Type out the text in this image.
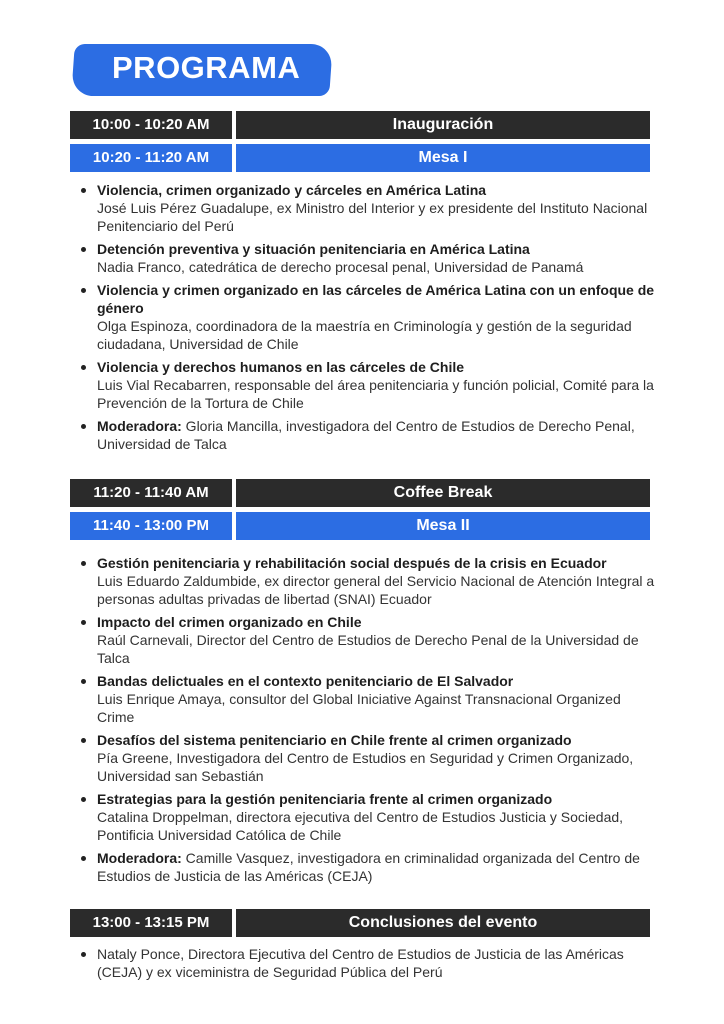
PROGRAMA
10:00 - 10:20 AM	Inauguración
10:20 - 11:20 AM	Mesa I
Violencia, crimen organizado y cárceles en América Latina
José Luis Pérez Guadalupe, ex Ministro del Interior y ex presidente del Instituto Nacional Penitenciario del Perú
Detención preventiva y situación penitenciaria en América Latina
Nadia Franco, catedrática de derecho procesal penal, Universidad de Panamá
Violencia y crimen organizado en las cárceles de América Latina con un enfoque de género
Olga Espinoza, coordinadora de la maestría en Criminología y gestión de la seguridad ciudadana, Universidad de Chile
Violencia y derechos humanos en las cárceles de Chile
Luis Vial Recabarren, responsable del área penitenciaria y función policial, Comité para la Prevención de la Tortura de Chile
Moderadora: Gloria Mancilla, investigadora del Centro de Estudios de Derecho Penal, Universidad de Talca
11:20 - 11:40 AM	Coffee Break
11:40 - 13:00 PM	Mesa II
Gestión penitenciaria y rehabilitación social después de la crisis en Ecuador
Luis Eduardo Zaldumbide, ex director general del Servicio Nacional de Atención Integral a personas adultas privadas de libertad (SNAI) Ecuador
Impacto del crimen organizado en Chile
Raúl Carnevali, Director del Centro de Estudios de Derecho Penal de la Universidad de Talca
Bandas delictuales en el contexto penitenciario de El Salvador
Luis Enrique Amaya, consultor del Global Iniciative Against Transnacional Organized Crime
Desafíos del sistema penitenciario en Chile frente al crimen organizado
Pía Greene, Investigadora del Centro de Estudios en Seguridad y Crimen Organizado, Universidad san Sebastián
Estrategias para la gestión penitenciaria frente al crimen organizado
Catalina Droppelman, directora ejecutiva del Centro de Estudios Justicia y Sociedad, Pontificia Universidad Católica de Chile
Moderadora: Camille Vasquez, investigadora en criminalidad organizada del Centro de Estudios de Justicia de las Américas (CEJA)
13:00 - 13:15 PM	Conclusiones del evento
Nataly Ponce, Directora Ejecutiva del Centro de Estudios de Justicia de las Américas (CEJA) y ex viceministra de Seguridad Pública del Perú
